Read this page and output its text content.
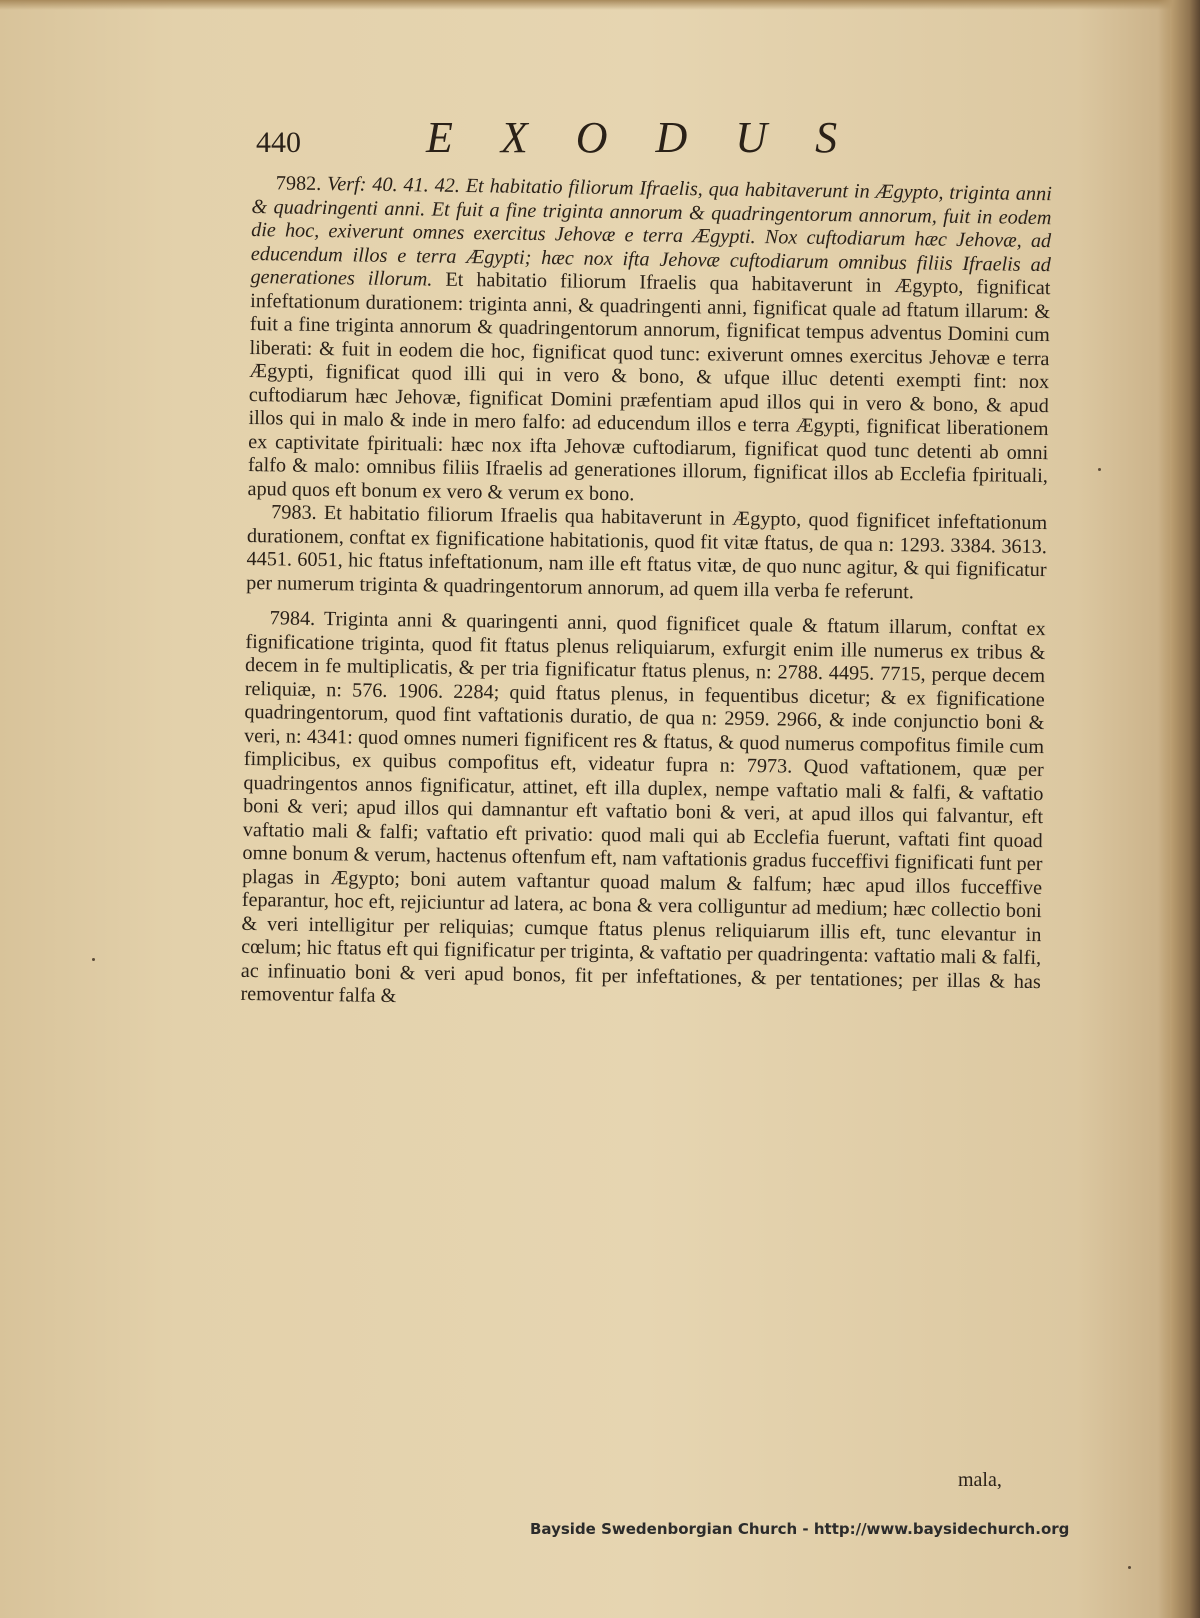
440	EXODUS

7982. Verf: 40. 41. 42. Et habitatio filiorum Ifraelis, qua habitaverunt in Ægypto, triginta anni & quadringenti anni. Et fuit a fine triginta annorum & quadringentorum annorum, fuit in eodem die hoc, exiverunt omnes exercitus Jehovæ e terra Ægypti. Nox cuftodiarum hæc Jehovæ, ad educendum illos e terra Ægypti; hæc nox ifta Jehovæ cuftodiarum omnibus filiis Ifraelis ad generationes illorum. Et habitatio filiorum Ifraelis qua habitaverunt in Ægypto, fignificat infeftationum durationem: triginta anni, & quadringenti anni, fignificat quale ad ftatum illarum: & fuit a fine triginta annorum & quadringentorum annorum, fignificat tempus adventus Domini cum liberati: & fuit in eodem die hoc, fignificat quod tunc: exiverunt omnes exercitus Jehovæ e terra Ægypti, fignificat quod illi qui in vero & bono, & ufque illuc detenti exempti fint: nox cuftodiarum hæc Jehovæ, fignificat Domini præfentiam apud illos qui in vero & bono, & apud illos qui in malo & inde in mero falfo: ad educendum illos e terra Ægypti, fignificat liberationem ex captivitate fpirituali: hæc nox ifta Jehovæ cuftodiarum, fignificat quod tunc detenti ab omni falfo & malo: omnibus filiis Ifraelis ad generationes illorum, fignificat illos ab Ecclefia fpirituali, apud quos eft bonum ex vero & verum ex bono.

7983. Et habitatio filiorum Ifraelis qua habitaverunt in Ægypto, quod fignificet infeftationum durationem, conftat ex fignificatione habitationis, quod fit vitæ ftatus, de qua n: 1293. 3384. 3613. 4451. 6051, hic ftatus infeftationum, nam ille eft ftatus vitæ, de quo nunc agitur, & qui fignificatur per numerum triginta & quadringentorum annorum, ad quem illa verba fe referunt.

7984. Triginta anni & quaringenti anni, quod fignificet quale & ftatum illarum, conftat ex fignificatione triginta, quod fit ftatus plenus reliquiarum, exfurgit enim ille numerus ex tribus & decem in fe multiplicatis, & per tria fignificatur ftatus plenus, n: 2788. 4495. 7715, perque decem reliquiæ, n: 576. 1906. 2284; quid ftatus plenus, in fequentibus dicetur; & ex fignificatione quadringentorum, quod fint vaftationis duratio, de qua n: 2959. 2966, & inde conjunctio boni & veri, n: 4341: quod omnes numeri fignificent res & ftatus, & quod numerus compofitus fimile cum fimplicibus, ex quibus compofitus eft, videatur fupra n: 7973. Quod vaftationem, quæ per quadringentos annos fignificatur, attinet, eft illa duplex, nempe vaftatio mali & falfi, & vaftatio boni & veri; apud illos qui damnantur eft vaftatio boni & veri, at apud illos qui falvantur, eft vaftatio mali & falfi; vaftatio eft privatio: quod mali qui ab Ecclefia fuerunt, vaftati fint quoad omne bonum & verum, hactenus oftenfum eft, nam vaftationis gradus fucceffivi fignificati funt per plagas in Ægypto; boni autem vaftantur quoad malum & falfum; hæc apud illos fucceffive feparantur, hoc eft, rejiciuntur ad latera, ac bona & vera colliguntur ad medium; hæc collectio boni & veri intelligitur per reliquias; cumque ftatus plenus reliquiarum illis eft, tunc elevantur in cœlum; hic ftatus eft qui fignificatur per triginta, & vaftatio per quadringenta: vaftatio mali & falfi, ac infinuatio boni & veri apud bonos, fit per infeftationes, & per tentationes; per illas & has removentur falfa &

mala,
Bayside Swedenborgian Church - http://www.baysidechurch.org
